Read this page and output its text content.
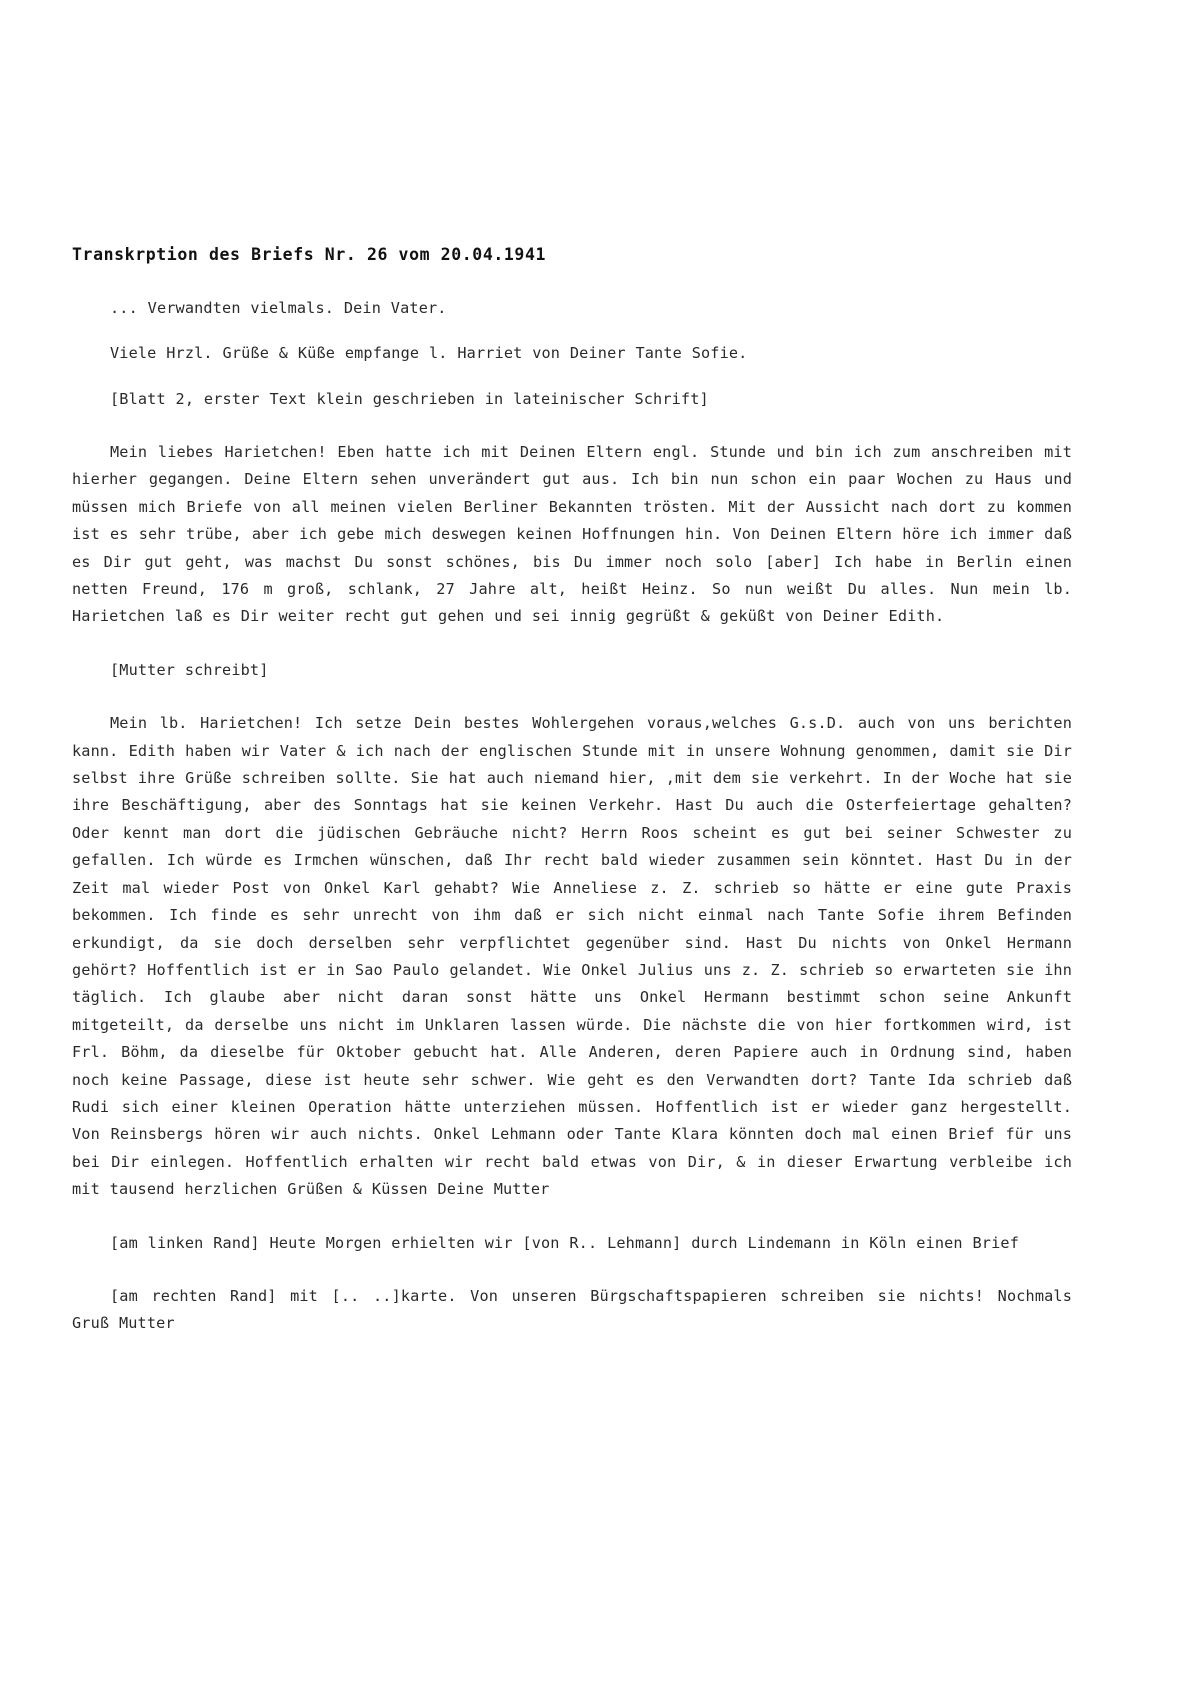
Transkrption des Briefs Nr. 26 vom 20.04.1941

... Verwandten vielmals. Dein Vater.

Viele Hrzl. Grüße & Küße empfange l. Harriet von Deiner Tante Sofie.

[Blatt 2, erster Text klein geschrieben in lateinischer Schrift]

Mein liebes Harietchen! Eben hatte ich mit Deinen Eltern engl. Stunde und bin ich zum anschreiben mit hierher gegangen. Deine Eltern sehen unverändert gut aus. Ich bin nun schon ein paar Wochen zu Haus und müssen mich Briefe von all meinen vielen Berliner Bekannten trösten. Mit der Aussicht nach dort zu kommen ist es sehr trübe, aber ich gebe mich deswegen keinen Hoffnungen hin. Von Deinen Eltern höre ich immer daß es Dir gut geht, was machst Du sonst schönes, bis Du immer noch solo [aber] Ich habe in Berlin einen netten Freund, 176 m groß, schlank, 27 Jahre alt, heißt Heinz. So nun weißt Du alles. Nun mein lb. Harietchen laß es Dir weiter recht gut gehen und sei innig gegrüßt & geküßt von Deiner Edith.

[Mutter schreibt]

Mein lb. Harietchen! Ich setze Dein bestes Wohlergehen voraus,welches G.s.D. auch von uns berichten kann. Edith haben wir Vater & ich nach der englischen Stunde mit in unsere Wohnung genommen, damit sie Dir selbst ihre Grüße schreiben sollte. Sie hat auch niemand hier, ,mit dem sie verkehrt. In der Woche hat sie ihre Beschäftigung, aber des Sonntags hat sie keinen Verkehr. Hast Du auch die Osterfeiertage gehalten? Oder kennt man dort die jüdischen Gebräuche nicht? Herrn Roos scheint es gut bei seiner Schwester zu gefallen. Ich würde es Irmchen wünschen, daß Ihr recht bald wieder zusammen sein könntet. Hast Du in der Zeit mal wieder Post von Onkel Karl gehabt? Wie Anneliese z. Z. schrieb so hätte er eine gute Praxis bekommen. Ich finde es sehr unrecht von ihm daß er sich nicht einmal nach Tante Sofie ihrem Befinden erkundigt, da sie doch derselben sehr verpflichtet gegenüber sind. Hast Du nichts von Onkel Hermann gehört? Hoffentlich ist er in Sao Paulo gelandet. Wie Onkel Julius uns z. Z. schrieb so erwarteten sie ihn täglich. Ich glaube aber nicht daran sonst hätte uns Onkel Hermann bestimmt schon seine Ankunft mitgeteilt, da derselbe uns nicht im Unklaren lassen würde. Die nächste die von hier fortkommen wird, ist Frl. Böhm, da dieselbe für Oktober gebucht hat. Alle Anderen, deren Papiere auch in Ordnung sind, haben noch keine Passage, diese ist heute sehr schwer. Wie geht es den Verwandten dort? Tante Ida schrieb daß Rudi sich einer kleinen Operation hätte unterziehen müssen. Hoffentlich ist er wieder ganz hergestellt. Von Reinsbergs hören wir auch nichts. Onkel Lehmann oder Tante Klara könnten doch mal einen Brief für uns bei Dir einlegen. Hoffentlich erhalten wir recht bald etwas von Dir, & in dieser Erwartung verbleibe ich mit tausend herzlichen Grüßen & Küssen Deine Mutter

[am linken Rand] Heute Morgen erhielten wir [von R.. Lehmann] durch Lindemann in Köln einen Brief

[am rechten Rand] mit [.. ..]karte. Von unseren Bürgschaftspapieren schreiben sie nichts! Nochmals Gruß Mutter
